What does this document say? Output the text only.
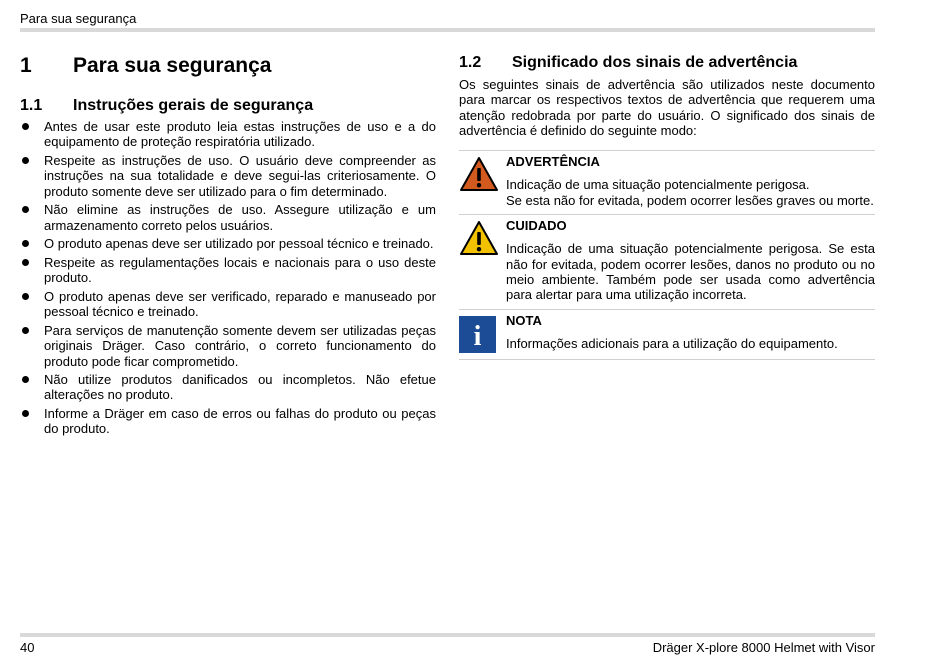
Para sua segurança
1	Para sua segurança
1.1	Instruções gerais de segurança
Antes de usar este produto leia estas instruções de uso e a do equipamento de proteção respiratória utilizado.
Respeite as instruções de uso. O usuário deve compreender as instruções na sua totalidade e deve segui-las criteriosamente. O produto somente deve ser utilizado para o fim determinado.
Não elimine as instruções de uso. Assegure utilização e um armazenamento correto pelos usuários.
O produto apenas deve ser utilizado por pessoal técnico e treinado.
Respeite as regulamentações locais e nacionais para o uso deste produto.
O produto apenas deve ser verificado, reparado e manuseado por pessoal técnico e treinado.
Para serviços de manutenção somente devem ser utilizadas peças originais Dräger. Caso contrário, o correto funcionamento do produto pode ficar comprometido.
Não utilize produtos danificados ou incompletos. Não efetue alterações no produto.
Informe a Dräger em caso de erros ou falhas do produto ou peças do produto.
1.2	Significado dos sinais de advertência
Os seguintes sinais de advertência são utilizados neste documento para marcar os respectivos textos de advertência que requerem uma atenção redobrada por parte do usuário. O significado dos sinais de advertência é definido do seguinte modo:
ADVERTÊNCIA
Indicação de uma situação potencialmente perigosa.
Se esta não for evitada, podem ocorrer lesões graves ou morte.
CUIDADO
Indicação de uma situação potencialmente perigosa. Se esta não for evitada, podem ocorrer lesões, danos no produto ou no meio ambiente. Também pode ser usada como advertência para alertar para uma utilização incorreta.
i
NOTA
Informações adicionais para a utilização do equipamento.
40	Dräger X-plore 8000 Helmet with Visor
